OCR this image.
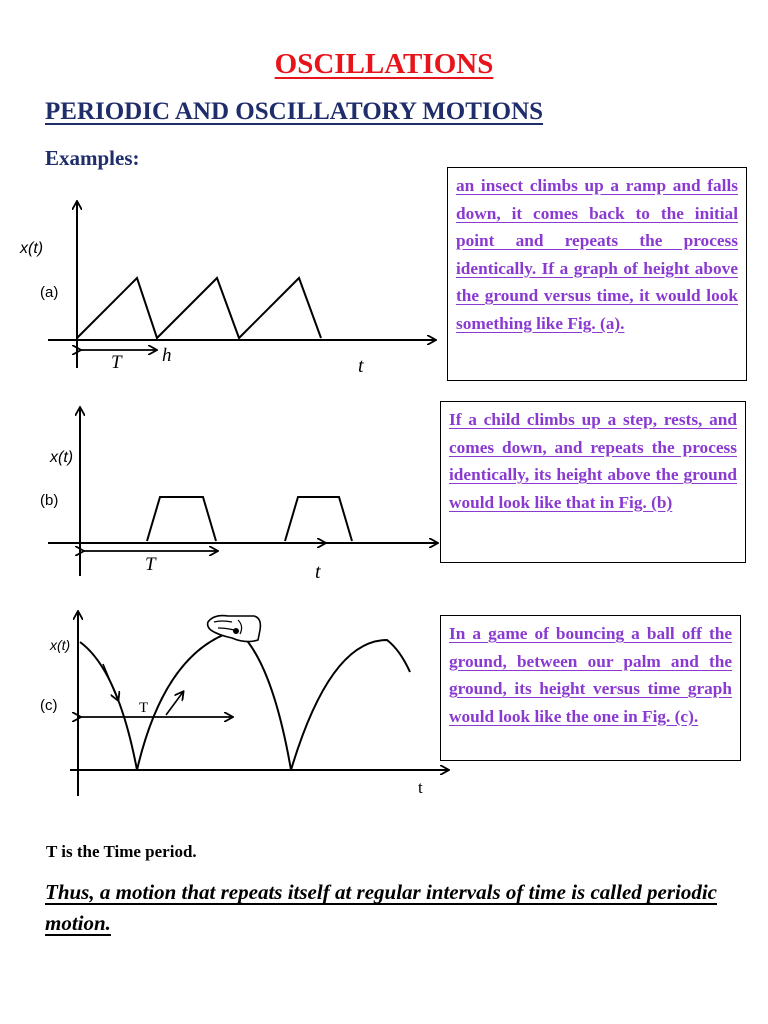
OSCILLATIONS
PERIODIC AND OSCILLATORY MOTIONS
Examples:
x(t)
(a)
T h	t
an insect climbs up a ramp and falls down, it comes back to the initial point and repeats the process identically. If a graph of height above the ground versus time, it would look something like Fig. (a).
x(t)
(b)
T	t
If a child climbs up a step, rests, and comes down, and repeats the process identically, its height above the ground would look like that in Fig. (b)
x(t)
(c)	T
t
In a game of bouncing a ball off the ground, between our palm and the ground, its height versus time graph would look like the one in Fig. (c).
T is the Time period.
Thus, a motion that repeats itself at regular intervals of time is called periodic motion.
